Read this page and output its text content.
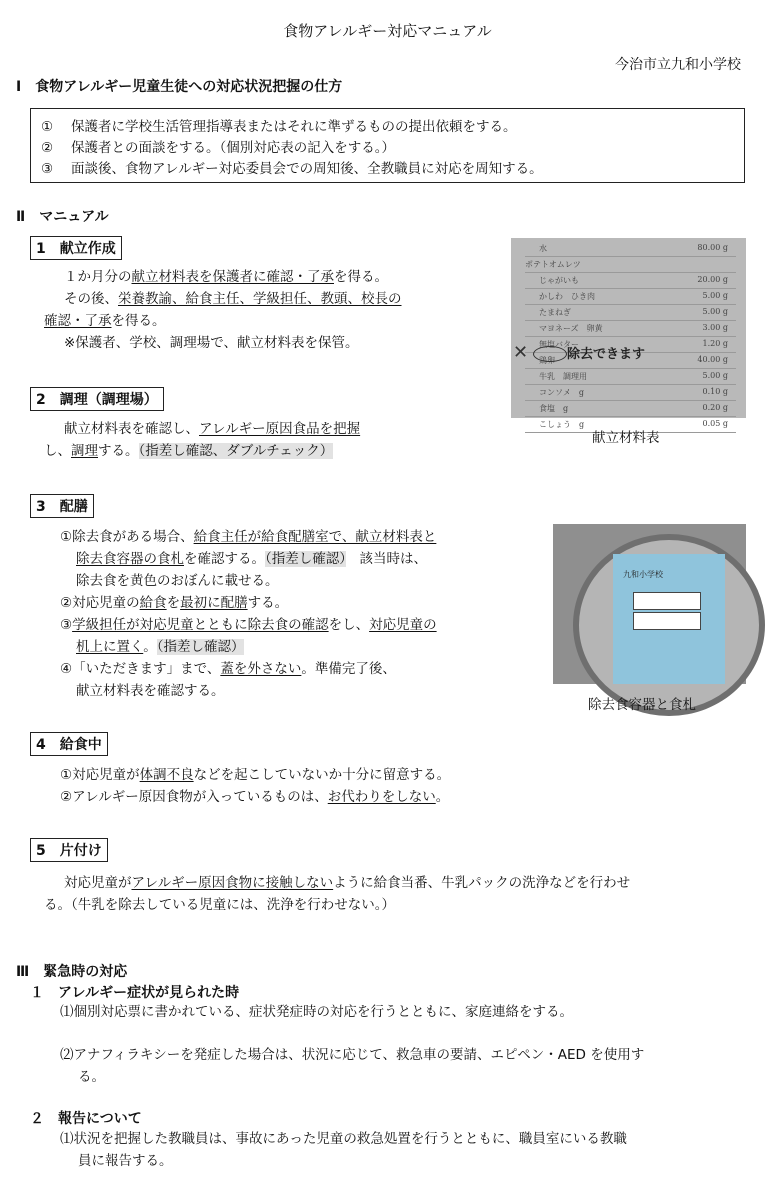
食物アレルギー対応マニュアル
今治市立九和小学校
Ⅰ　食物アレルギー児童生徒への対応状況把握の仕方
① 保護者に学校生活管理指導表またはそれに準ずるものの提出依頼をする。
② 保護者との面談をする。（個別対応表の記入をする。）
③ 面談後、食物アレルギー対応委員会での周知後、全教職員に対応を周知する。
Ⅱ　マニュアル
1 献立作成
１か月分の献立材料表を保護者に確認・了承を得る。
その後、栄養教諭、給食主任、学級担任、教頭、校長の
確認・了承を得る。
※保護者、学校、調理場で、献立材料表を保管。
水	80.00 g
ポテトオムレツ
じゃがいも	20.00 g
かしわ　ひき肉	5.00 g
たまねぎ	5.00 g
マヨネーズ　卵黄	3.00 g
無塩バター	1.20 g
鶏卵	40.00 g
除去できます
✕
牛乳　調理用	5.00 g
コンソメ　g	0.10 g
食塩　g	0.20 g
こしょう　g	0.05 g
献立材料表
2 調理（調理場）
献立材料表を確認し、アレルギー原因食品を把握
し、調理する。（指差し確認、ダブルチェック）
3 配膳
①除去食がある場合、給食主任が給食配膳室で、献立材料表と
除去食容器の食札を確認する。（指差し確認）　該当時は、
除去食を黄色のおぼんに載せる。
②対応児童の給食を最初に配膳する。
③学級担任が対応児童とともに除去食の確認をし、対応児童の
机上に置く。（指差し確認）
④「いただきます」まで、蓋を外さない。準備完了後、
献立材料表を確認する。
九和小学校
除去食容器と食札
4 給食中
①対応児童が体調不良などを起こしていないか十分に留意する。
②アレルギー原因食物が入っているものは、お代わりをしない。
5 片付け
対応児童がアレルギー原因食物に接触しないように給食当番、牛乳パックの洗浄などを行わせ
る。（牛乳を除去している児童には、洗浄を行わせない。）
Ⅲ　緊急時の対応
１　アレルギー症状が見られた時
⑴個別対応票に書かれている、症状発症時の対応を行うとともに、家庭連絡をする。
⑵アナフィラキシーを発症した場合は、状況に応じて、救急車の要請、エピペン・AED を使用す
る。
２　報告について
⑴状況を把握した教職員は、事故にあった児童の救急処置を行うとともに、職員室にいる教職
員に報告する。
